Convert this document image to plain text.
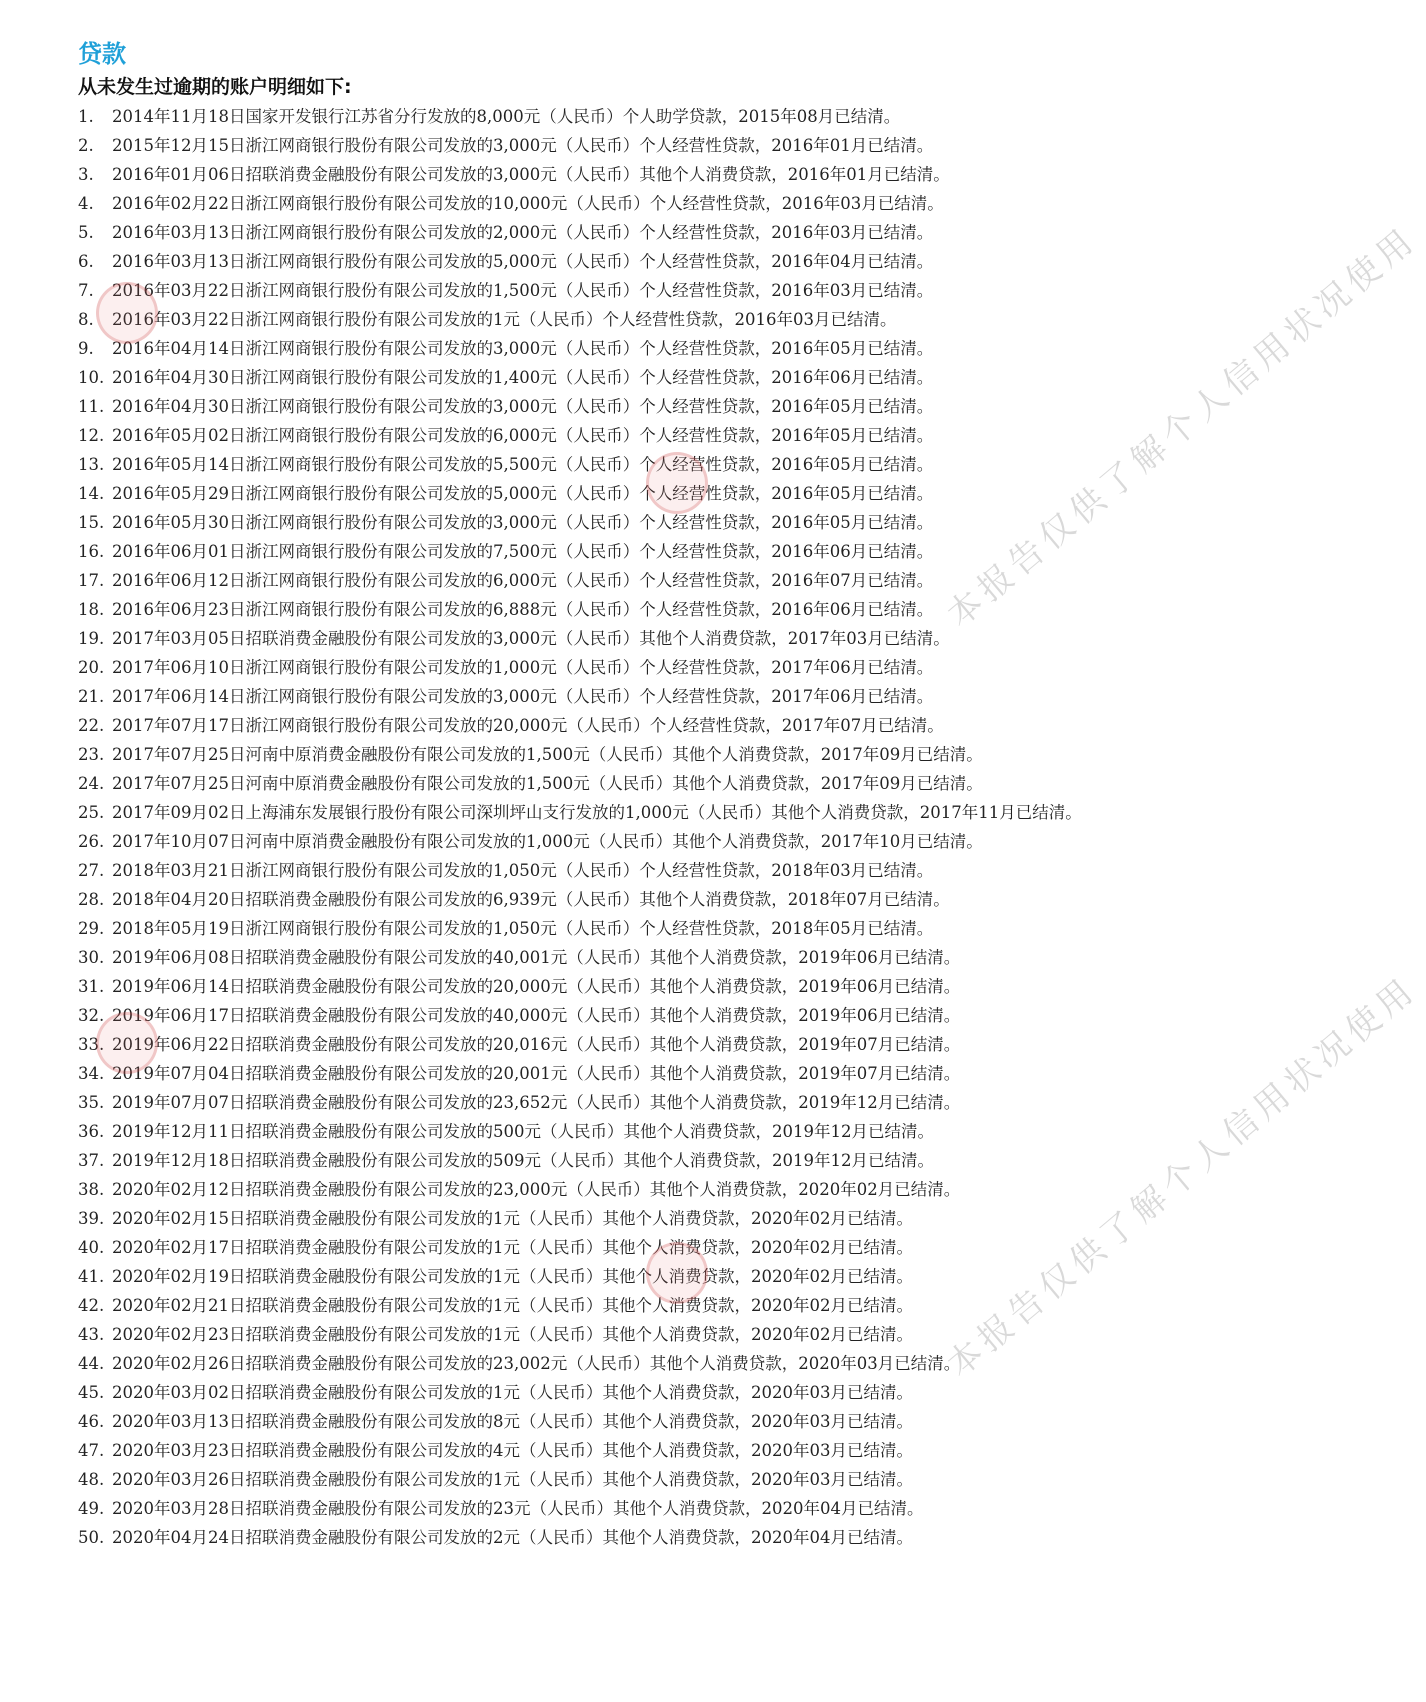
贷款
从未发生过逾期的账户明细如下:
1.	2014年11月18日国家开发银行江苏省分行发放的8,000元（人民币）个人助学贷款，2015年08月已结清。
2.	2015年12月15日浙江网商银行股份有限公司发放的3,000元（人民币）个人经营性贷款，2016年01月已结清。
3.	2016年01月06日招联消费金融股份有限公司发放的3,000元（人民币）其他个人消费贷款，2016年01月已结清。
4.	2016年02月22日浙江网商银行股份有限公司发放的10,000元（人民币）个人经营性贷款，2016年03月已结清。
5.	2016年03月13日浙江网商银行股份有限公司发放的2,000元（人民币）个人经营性贷款，2016年03月已结清。
6.	2016年03月13日浙江网商银行股份有限公司发放的5,000元（人民币）个人经营性贷款，2016年04月已结清。
7.	2016年03月22日浙江网商银行股份有限公司发放的1,500元（人民币）个人经营性贷款，2016年03月已结清。
8.	2016年03月22日浙江网商银行股份有限公司发放的1元（人民币）个人经营性贷款，2016年03月已结清。
9.	2016年04月14日浙江网商银行股份有限公司发放的3,000元（人民币）个人经营性贷款，2016年05月已结清。
10. 2016年04月30日浙江网商银行股份有限公司发放的1,400元（人民币）个人经营性贷款，2016年06月已结清。
11. 2016年04月30日浙江网商银行股份有限公司发放的3,000元（人民币）个人经营性贷款，2016年05月已结清。
12. 2016年05月02日浙江网商银行股份有限公司发放的6,000元（人民币）个人经营性贷款，2016年05月已结清。
13. 2016年05月14日浙江网商银行股份有限公司发放的5,500元（人民币）个人经营性贷款，2016年05月已结清。
14. 2016年05月29日浙江网商银行股份有限公司发放的5,000元（人民币）个人经营性贷款，2016年05月已结清。
15. 2016年05月30日浙江网商银行股份有限公司发放的3,000元（人民币）个人经营性贷款，2016年05月已结清。
16. 2016年06月01日浙江网商银行股份有限公司发放的7,500元（人民币）个人经营性贷款，2016年06月已结清。
17. 2016年06月12日浙江网商银行股份有限公司发放的6,000元（人民币）个人经营性贷款，2016年07月已结清。
18. 2016年06月23日浙江网商银行股份有限公司发放的6,888元（人民币）个人经营性贷款，2016年06月已结清。
19. 2017年03月05日招联消费金融股份有限公司发放的3,000元（人民币）其他个人消费贷款，2017年03月已结清。
20. 2017年06月10日浙江网商银行股份有限公司发放的1,000元（人民币）个人经营性贷款，2017年06月已结清。
21. 2017年06月14日浙江网商银行股份有限公司发放的3,000元（人民币）个人经营性贷款，2017年06月已结清。
22. 2017年07月17日浙江网商银行股份有限公司发放的20,000元（人民币）个人经营性贷款，2017年07月已结清。
23. 2017年07月25日河南中原消费金融股份有限公司发放的1,500元（人民币）其他个人消费贷款，2017年09月已结清。
24. 2017年07月25日河南中原消费金融股份有限公司发放的1,500元（人民币）其他个人消费贷款，2017年09月已结清。
25. 2017年09月02日上海浦东发展银行股份有限公司深圳坪山支行发放的1,000元（人民币）其他个人消费贷款，2017年11月已结清。
26. 2017年10月07日河南中原消费金融股份有限公司发放的1,000元（人民币）其他个人消费贷款，2017年10月已结清。
27. 2018年03月21日浙江网商银行股份有限公司发放的1,050元（人民币）个人经营性贷款，2018年03月已结清。
28. 2018年04月20日招联消费金融股份有限公司发放的6,939元（人民币）其他个人消费贷款，2018年07月已结清。
29. 2018年05月19日浙江网商银行股份有限公司发放的1,050元（人民币）个人经营性贷款，2018年05月已结清。
30. 2019年06月08日招联消费金融股份有限公司发放的40,001元（人民币）其他个人消费贷款，2019年06月已结清。
31. 2019年06月14日招联消费金融股份有限公司发放的20,000元（人民币）其他个人消费贷款，2019年06月已结清。
32. 2019年06月17日招联消费金融股份有限公司发放的40,000元（人民币）其他个人消费贷款，2019年06月已结清。
33. 2019年06月22日招联消费金融股份有限公司发放的20,016元（人民币）其他个人消费贷款，2019年07月已结清。
34. 2019年07月04日招联消费金融股份有限公司发放的20,001元（人民币）其他个人消费贷款，2019年07月已结清。
35. 2019年07月07日招联消费金融股份有限公司发放的23,652元（人民币）其他个人消费贷款，2019年12月已结清。
36. 2019年12月11日招联消费金融股份有限公司发放的500元（人民币）其他个人消费贷款，2019年12月已结清。
37. 2019年12月18日招联消费金融股份有限公司发放的509元（人民币）其他个人消费贷款，2019年12月已结清。
38. 2020年02月12日招联消费金融股份有限公司发放的23,000元（人民币）其他个人消费贷款，2020年02月已结清。
39. 2020年02月15日招联消费金融股份有限公司发放的1元（人民币）其他个人消费贷款，2020年02月已结清。
40. 2020年02月17日招联消费金融股份有限公司发放的1元（人民币）其他个人消费贷款，2020年02月已结清。
41. 2020年02月19日招联消费金融股份有限公司发放的1元（人民币）其他个人消费贷款，2020年02月已结清。
42. 2020年02月21日招联消费金融股份有限公司发放的1元（人民币）其他个人消费贷款，2020年02月已结清。
43. 2020年02月23日招联消费金融股份有限公司发放的1元（人民币）其他个人消费贷款，2020年02月已结清。
44. 2020年02月26日招联消费金融股份有限公司发放的23,002元（人民币）其他个人消费贷款，2020年03月已结清。
45. 2020年03月02日招联消费金融股份有限公司发放的1元（人民币）其他个人消费贷款，2020年03月已结清。
46. 2020年03月13日招联消费金融股份有限公司发放的8元（人民币）其他个人消费贷款，2020年03月已结清。
47. 2020年03月23日招联消费金融股份有限公司发放的4元（人民币）其他个人消费贷款，2020年03月已结清。
48. 2020年03月26日招联消费金融股份有限公司发放的1元（人民币）其他个人消费贷款，2020年03月已结清。
49. 2020年03月28日招联消费金融股份有限公司发放的23元（人民币）其他个人消费贷款，2020年04月已结清。
50. 2020年04月24日招联消费金融股份有限公司发放的2元（人民币）其他个人消费贷款，2020年04月已结清。
本报告仅供了解个人信用状况使用
本报告仅供了解个人信用状况使用
